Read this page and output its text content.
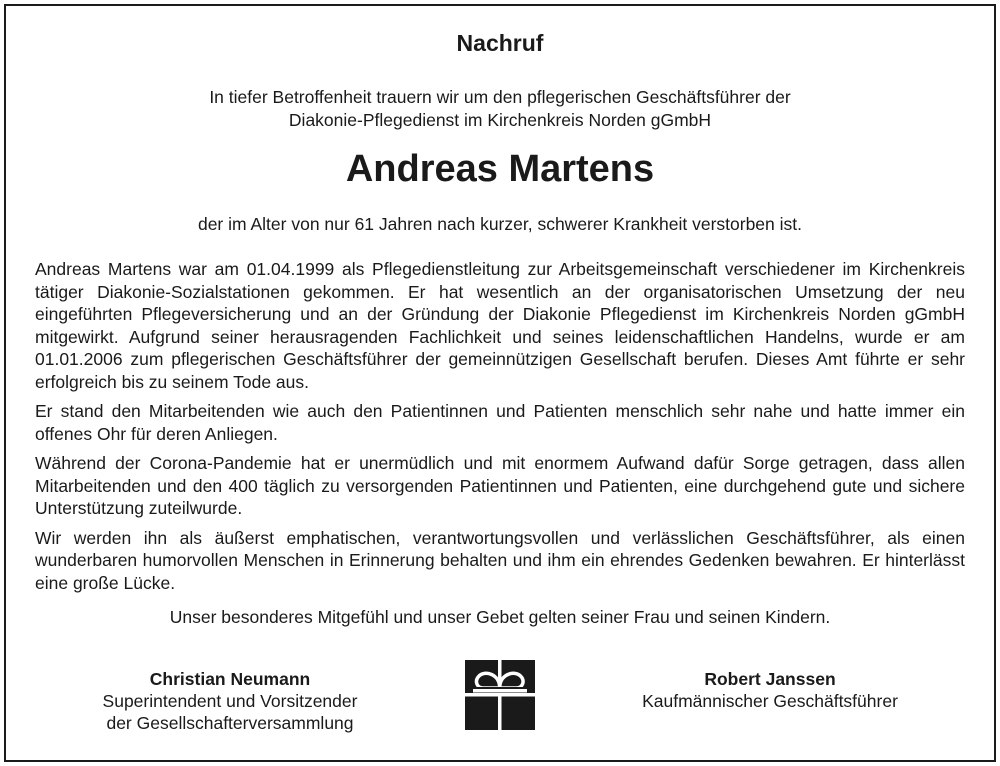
Nachruf
In tiefer Betroffenheit trauern wir um den pflegerischen Geschäftsführer der
Diakonie-Pflegedienst im Kirchenkreis Norden gGmbH
Andreas Martens
der im Alter von nur 61 Jahren nach kurzer, schwerer Krankheit verstorben ist.

Andreas Martens war am 01.04.1999 als Pflegedienstleitung zur Arbeitsgemeinschaft verschiedener im Kirchenkreis tätiger Diakonie-Sozialstationen gekommen. Er hat wesentlich an der organisatorischen Umsetzung der neu eingeführten Pflegeversicherung und an der Gründung der Diakonie Pflegedienst im Kirchenkreis Norden gGmbH mitgewirkt. Aufgrund seiner herausragenden Fachlichkeit und seines leidenschaftlichen Handelns, wurde er am 01.01.2006 zum pflegerischen Geschäftsführer der gemeinnützigen Gesellschaft berufen. Dieses Amt führte er sehr erfolgreich bis zu seinem Tode aus.

Er stand den Mitarbeitenden wie auch den Patientinnen und Patienten menschlich sehr nahe und hatte immer ein offenes Ohr für deren Anliegen.

Während der Corona-Pandemie hat er unermüdlich und mit enormem Aufwand dafür Sorge getragen, dass allen Mitarbeitenden und den 400 täglich zu versorgenden Patientinnen und Patienten, eine durchgehend gute und sichere Unterstützung zuteilwurde.

Wir werden ihn als äußerst emphatischen, verantwortungsvollen und verlässlichen Geschäftsführer, als einen wunderbaren humorvollen Menschen in Erinnerung behalten und ihm ein ehrendes Gedenken bewahren. Er hinterlässt eine große Lücke.

Unser besonderes Mitgefühl und unser Gebet gelten seiner Frau und seinen Kindern.
Christian Neumann
Superintendent und Vorsitzender
der Gesellschafterversammlung
Robert Janssen
Kaufmännischer Geschäftsführer
